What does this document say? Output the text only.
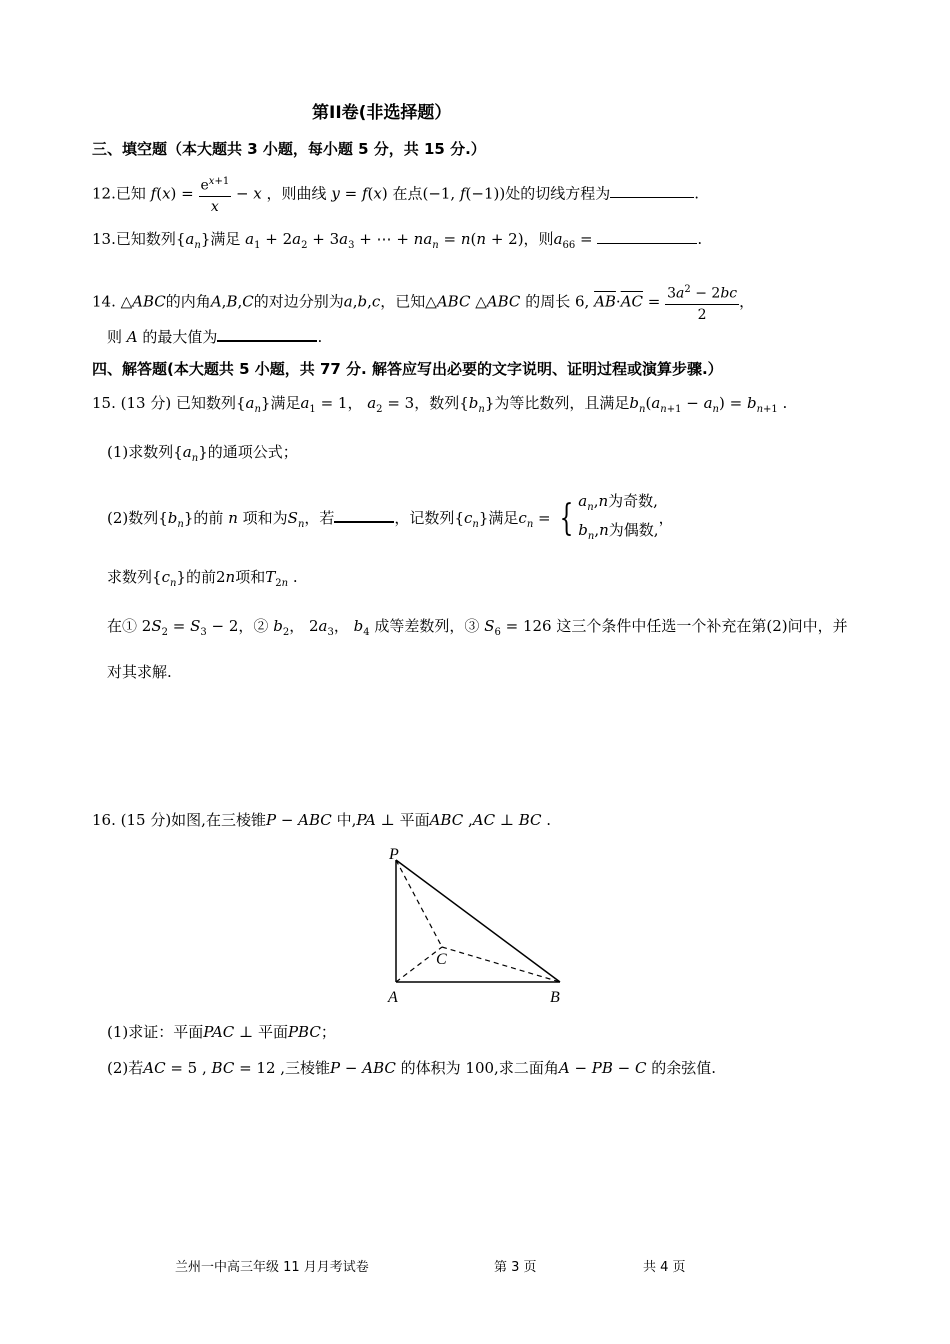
第II卷(非选择题）
三、填空题（本大题共 3 小题，每小题 5 分，共 15 分.）
12.已知 $f(x) = \frac{e^{x+1}}{x} - x$ ，则曲线 y = f(x) 在点(−1, f(−1))处的切线方程为	.
13.已知数列$\{a_n\}$满足 $a_1 + 2a_2 + 3a_3$ + ⋯ + $na_n = n(n + 2)$，则$a_{66}$ =	.
14. △ABC的内角A,B,C的对边分别为a,b,c，已知△ABC △ABC 的周长 6, $\overline{AB}\cdot\overline{AC} = \frac{3a^2 - 2bc}{2}$ ，
则 A 的最大值为	.
四、解答题(本大题共 5 小题，共 77 分. 解答应写出必要的文字说明、证明过程或演算步骤.）
15. (13 分) 已知数列$\{a_n\}$满足$a_1 = 1$， $a_2 = 3$，数列$\{b_n\}$为等比数列，且满足$b_n(a_{n+1} - a_n) = b_{n+1}$ .
(1)求数列$\{a_n\}$的通项公式；
(2)数列$\{b_n\}$的前 n 项和为$S_n$，若	，记数列$\{c_n\}$满足$c_n$ = { $a_n,n$为奇数,
$b_n,n$为偶数,，
求数列$\{c_n\}$的前2n项和$T_{2n}$ .
在① $2S_2 = S_3 - 2$，② $b_2$， $2a_3$， $b_4$ 成等差数列，③ $S_6 = 126$ 这三个条件中任选一个补充在第(2)问中，并
对其求解.
16. (15 分)如图,在三棱锥P − ABC 中,PA ⊥ 平面ABC ,AC ⊥ BC .
P
A	B
C
(1)求证：平面PAC ⊥ 平面PBC；
(2)若AC = 5 , BC = 12 ,三棱锥P − ABC 的体积为 100,求二面角A − PB − C 的余弦值.
兰州一中高三年级 11 月月考试卷	第 3 页	共 4 页
